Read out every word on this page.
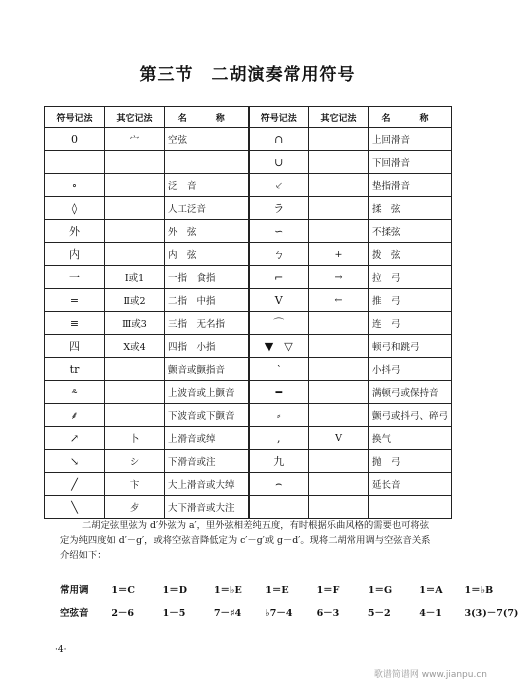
第三节　二胡演奏常用符号
符号记法	其它记法	名　称	符号记法	其它记法	名　称
0	宀	空弦	∩		上回滑音
			∪		下回滑音
∘		泛　音	⸔		垫指滑音
◊		人工泛音	ラ		揉　弦
外		外　弦	∽		不揉弦
内		内　弦	ㄅ	+	拨　弦
一	Ⅰ或1	一指　食指	⌐	→	拉　弓
=	Ⅱ或2	二指　中指	V	←	推　弓
≡	Ⅲ或3	三指　无名指	⌒		连　弓
四	Ⅹ或4	四指　小指	▼　▽		顿弓和跳弓
tr		颤音或颤指音	‵		小抖弓
⸛		上波音或上颤音	━		满顿弓或保持音
⸙		下波音或下颤音	⸗		颤弓或抖弓、碎弓
↗	卜	上滑音或绰	,	V	换气
↘	シ	下滑音或注	九		抛　弓
╱	卞	大上滑音或大绰	⌢		延长音
╲	歺	大下滑音或大注			

二胡定弦里弦为 d′外弦为 a′，里外弦相差纯五度，有时根据乐曲风格的需要也可将弦

定为纯四度如 d′－g′，或将空弦音降低定为 c′－g′或 g－d′。现将二胡常用调与空弦音关系

介绍如下：

常用调 1＝C	1＝D	1＝♭E 1＝E	1＝F	1＝G	1＝A 1＝♭B
空弦音 2－6	1－5	7－♯4	♭7－4	6－3	5－2	4－1 3(3)－7(7)
·4·
歌谱简谱网 www.jianpu.cn
